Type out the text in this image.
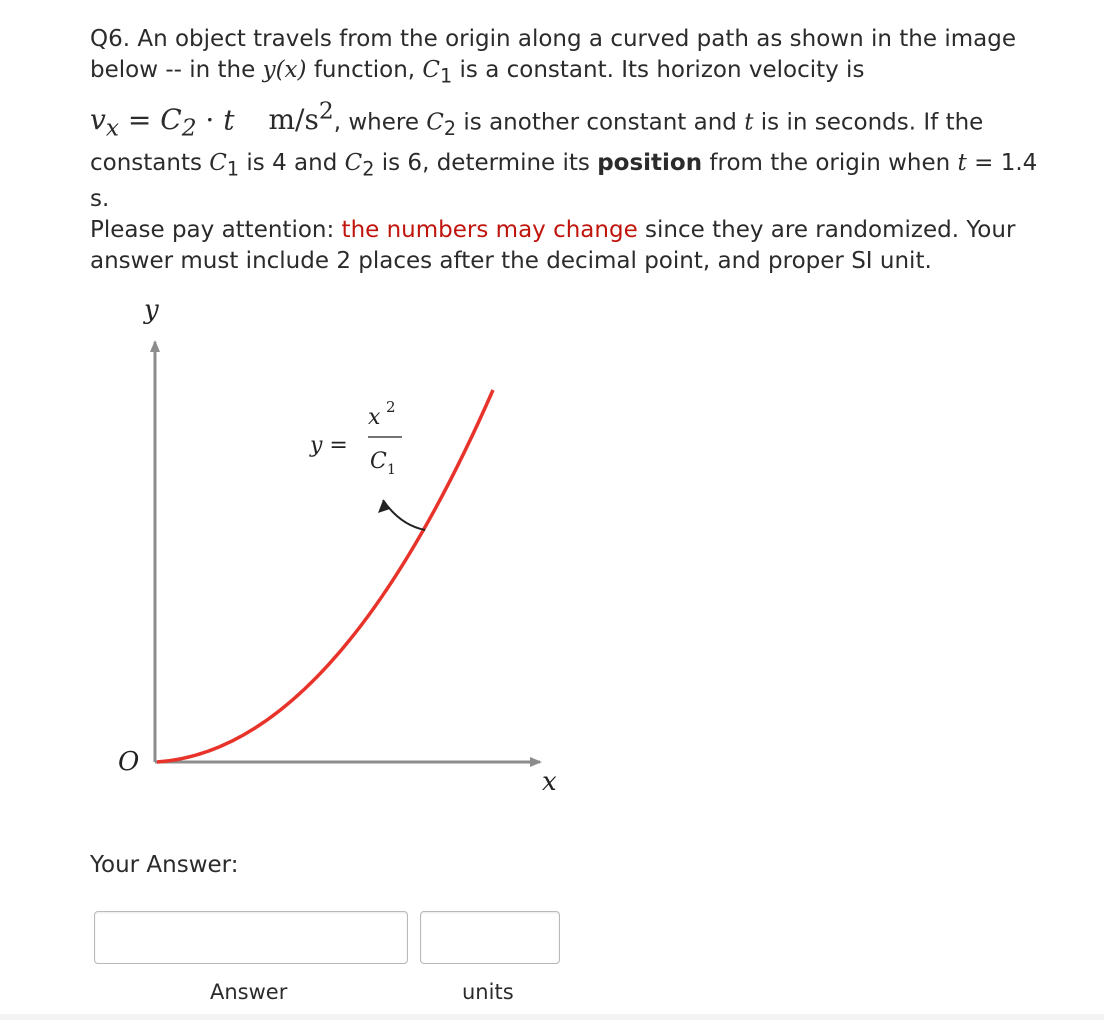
Q6. An object travels from the origin along a curved path as shown in the image

below -- in the y(x) function, $C_1$ is a constant. Its horizon velocity is

$v_x = C_2 \cdot t$ $m/s^2$, where $C_2$ is another constant and t is in seconds. If the

constants $C_1$ is 4 and $C_2$ is 6, determine its position from the origin when t = 1.4 s.

Please pay attention: the numbers may change since they are randomized. Your

answer must include 2 places after the decimal point, and proper SI unit.

y
x
O
y =
x 2
C 1
Your Answer:
Answer	units
